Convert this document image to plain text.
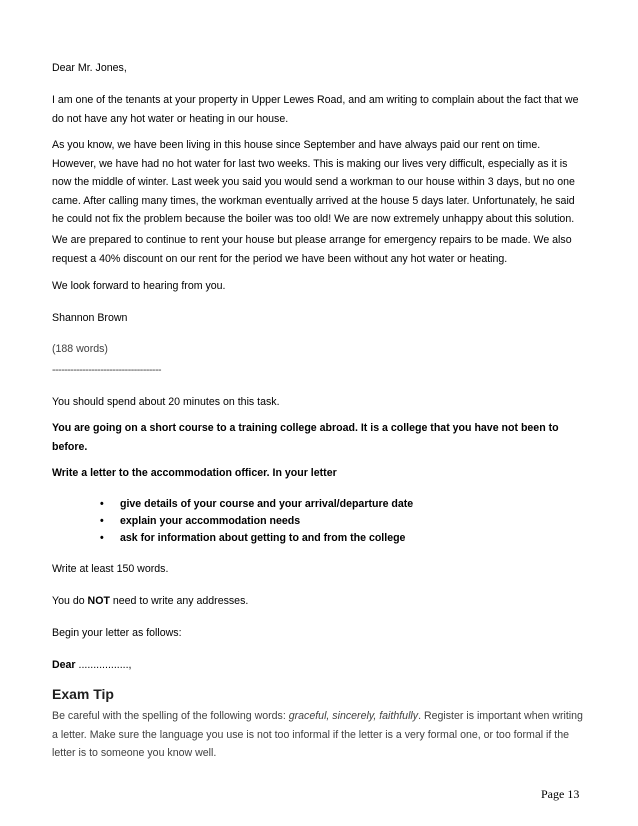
Dear Mr. Jones,

I am one of the tenants at your property in Upper Lewes Road, and am writing to complain about the fact that we do not have any hot water or heating in our house.

As you know, we have been living in this house since September and have always paid our rent on time. However, we have had no hot water for last two weeks. This is making our lives very difficult, especially as it is now the middle of winter. Last week you said you would send a workman to our house within 3 days, but no one came. After calling many times, the workman eventually arrived at the house 5 days later. Unfortunately, he said he could not fix the problem because the boiler was too old! We are now extremely unhappy about this solution.

We are prepared to continue to rent your house but please arrange for emergency repairs to be made. We also request a 40% discount on our rent for the period we have been without any hot water or heating.

We look forward to hearing from you.

Shannon Brown

(188 words)

------------------------------------

You should spend about 20 minutes on this task.

You are going on a short course to a training college abroad. It is a college that you have not been to before.

Write a letter to the accommodation officer. In your letter

• give details of your course and your arrival/departure date
• explain your accommodation needs
• ask for information about getting to and from the college

Write at least 150 words.

You do NOT need to write any addresses.

Begin your letter as follows:

Dear .................,

Exam Tip

Be careful with the spelling of the following words: graceful, sincerely, faithfully. Register is important when writing a letter. Make sure the language you use is not too informal if the letter is a very formal one, or too formal if the letter is to someone you know well.

Page 13
